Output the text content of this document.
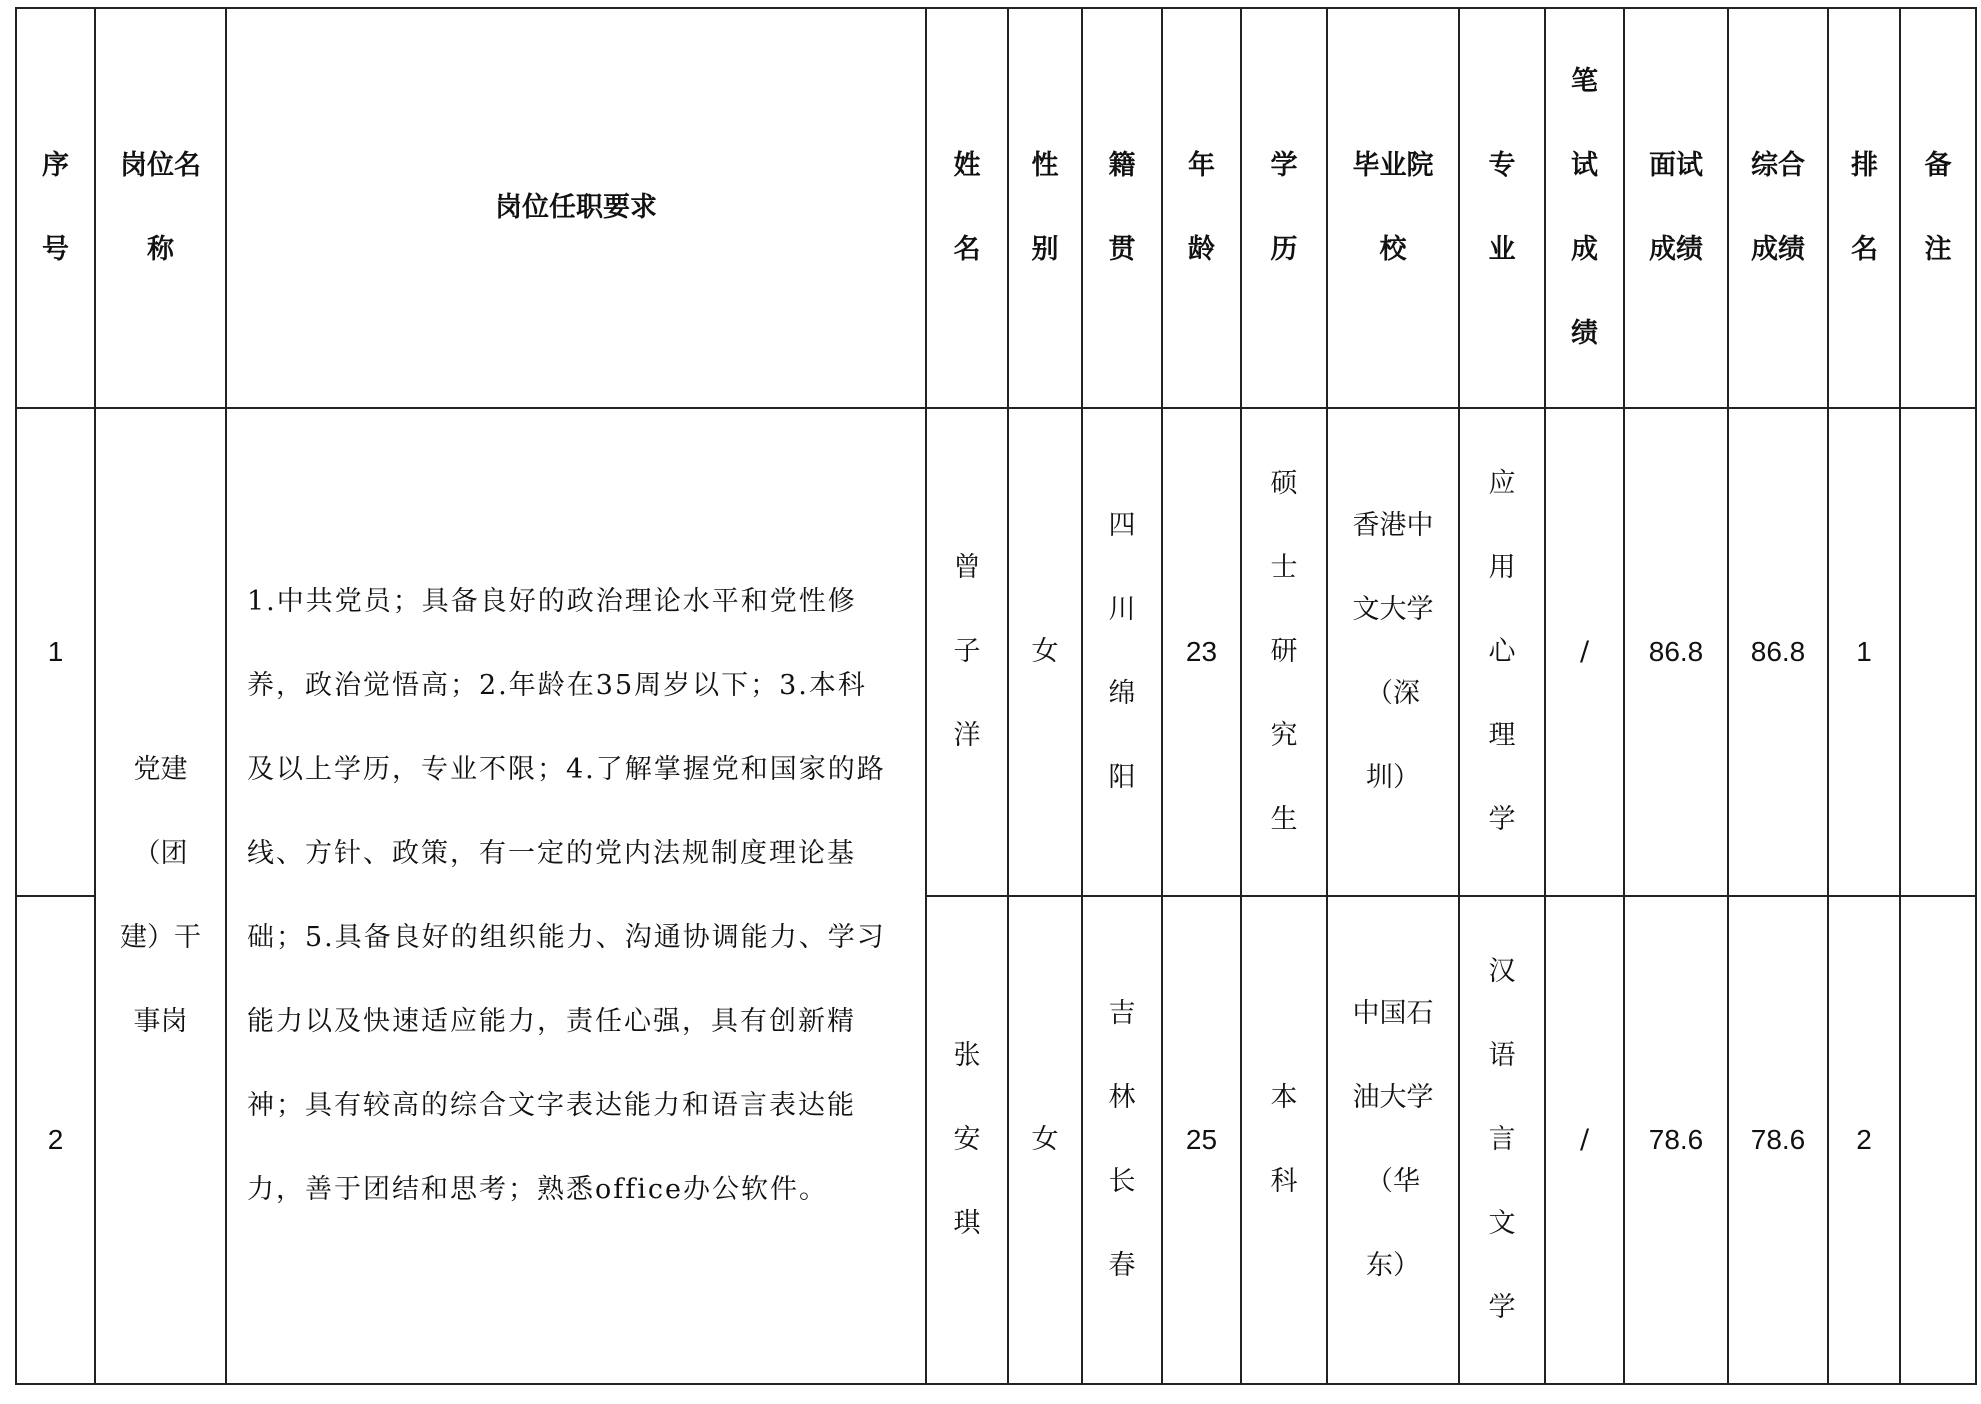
序号	岗位名称	岗位任职要求	姓名	性别	籍贯	年龄	学历	毕业院校	专业	笔试成绩	面试成绩	综合成绩	排名	备注
1	党建（团建）干事岗	1.中共党员；具备良好的政治理论水平和党性修养，政治觉悟高；2.年龄在35周岁以下；3.本科及以上学历，专业不限；4.了解掌握党和国家的路线、方针、政策，有一定的党内法规制度理论基础；5.具备良好的组织能力、沟通协调能力、学习能力以及快速适应能力，责任心强，具有创新精神；具有较高的综合文字表达能力和语言表达能力，善于团结和思考；熟悉office办公软件。	曾子洋	女	四川绵阳	23	硕士研究生	香港中文大学（深圳）	应用心理学	/	86.8	86.8	1	
2			张安琪	女	吉林长春	25	本科	中国石油大学（华东）	汉语言文学	/	78.6	78.6	2	
